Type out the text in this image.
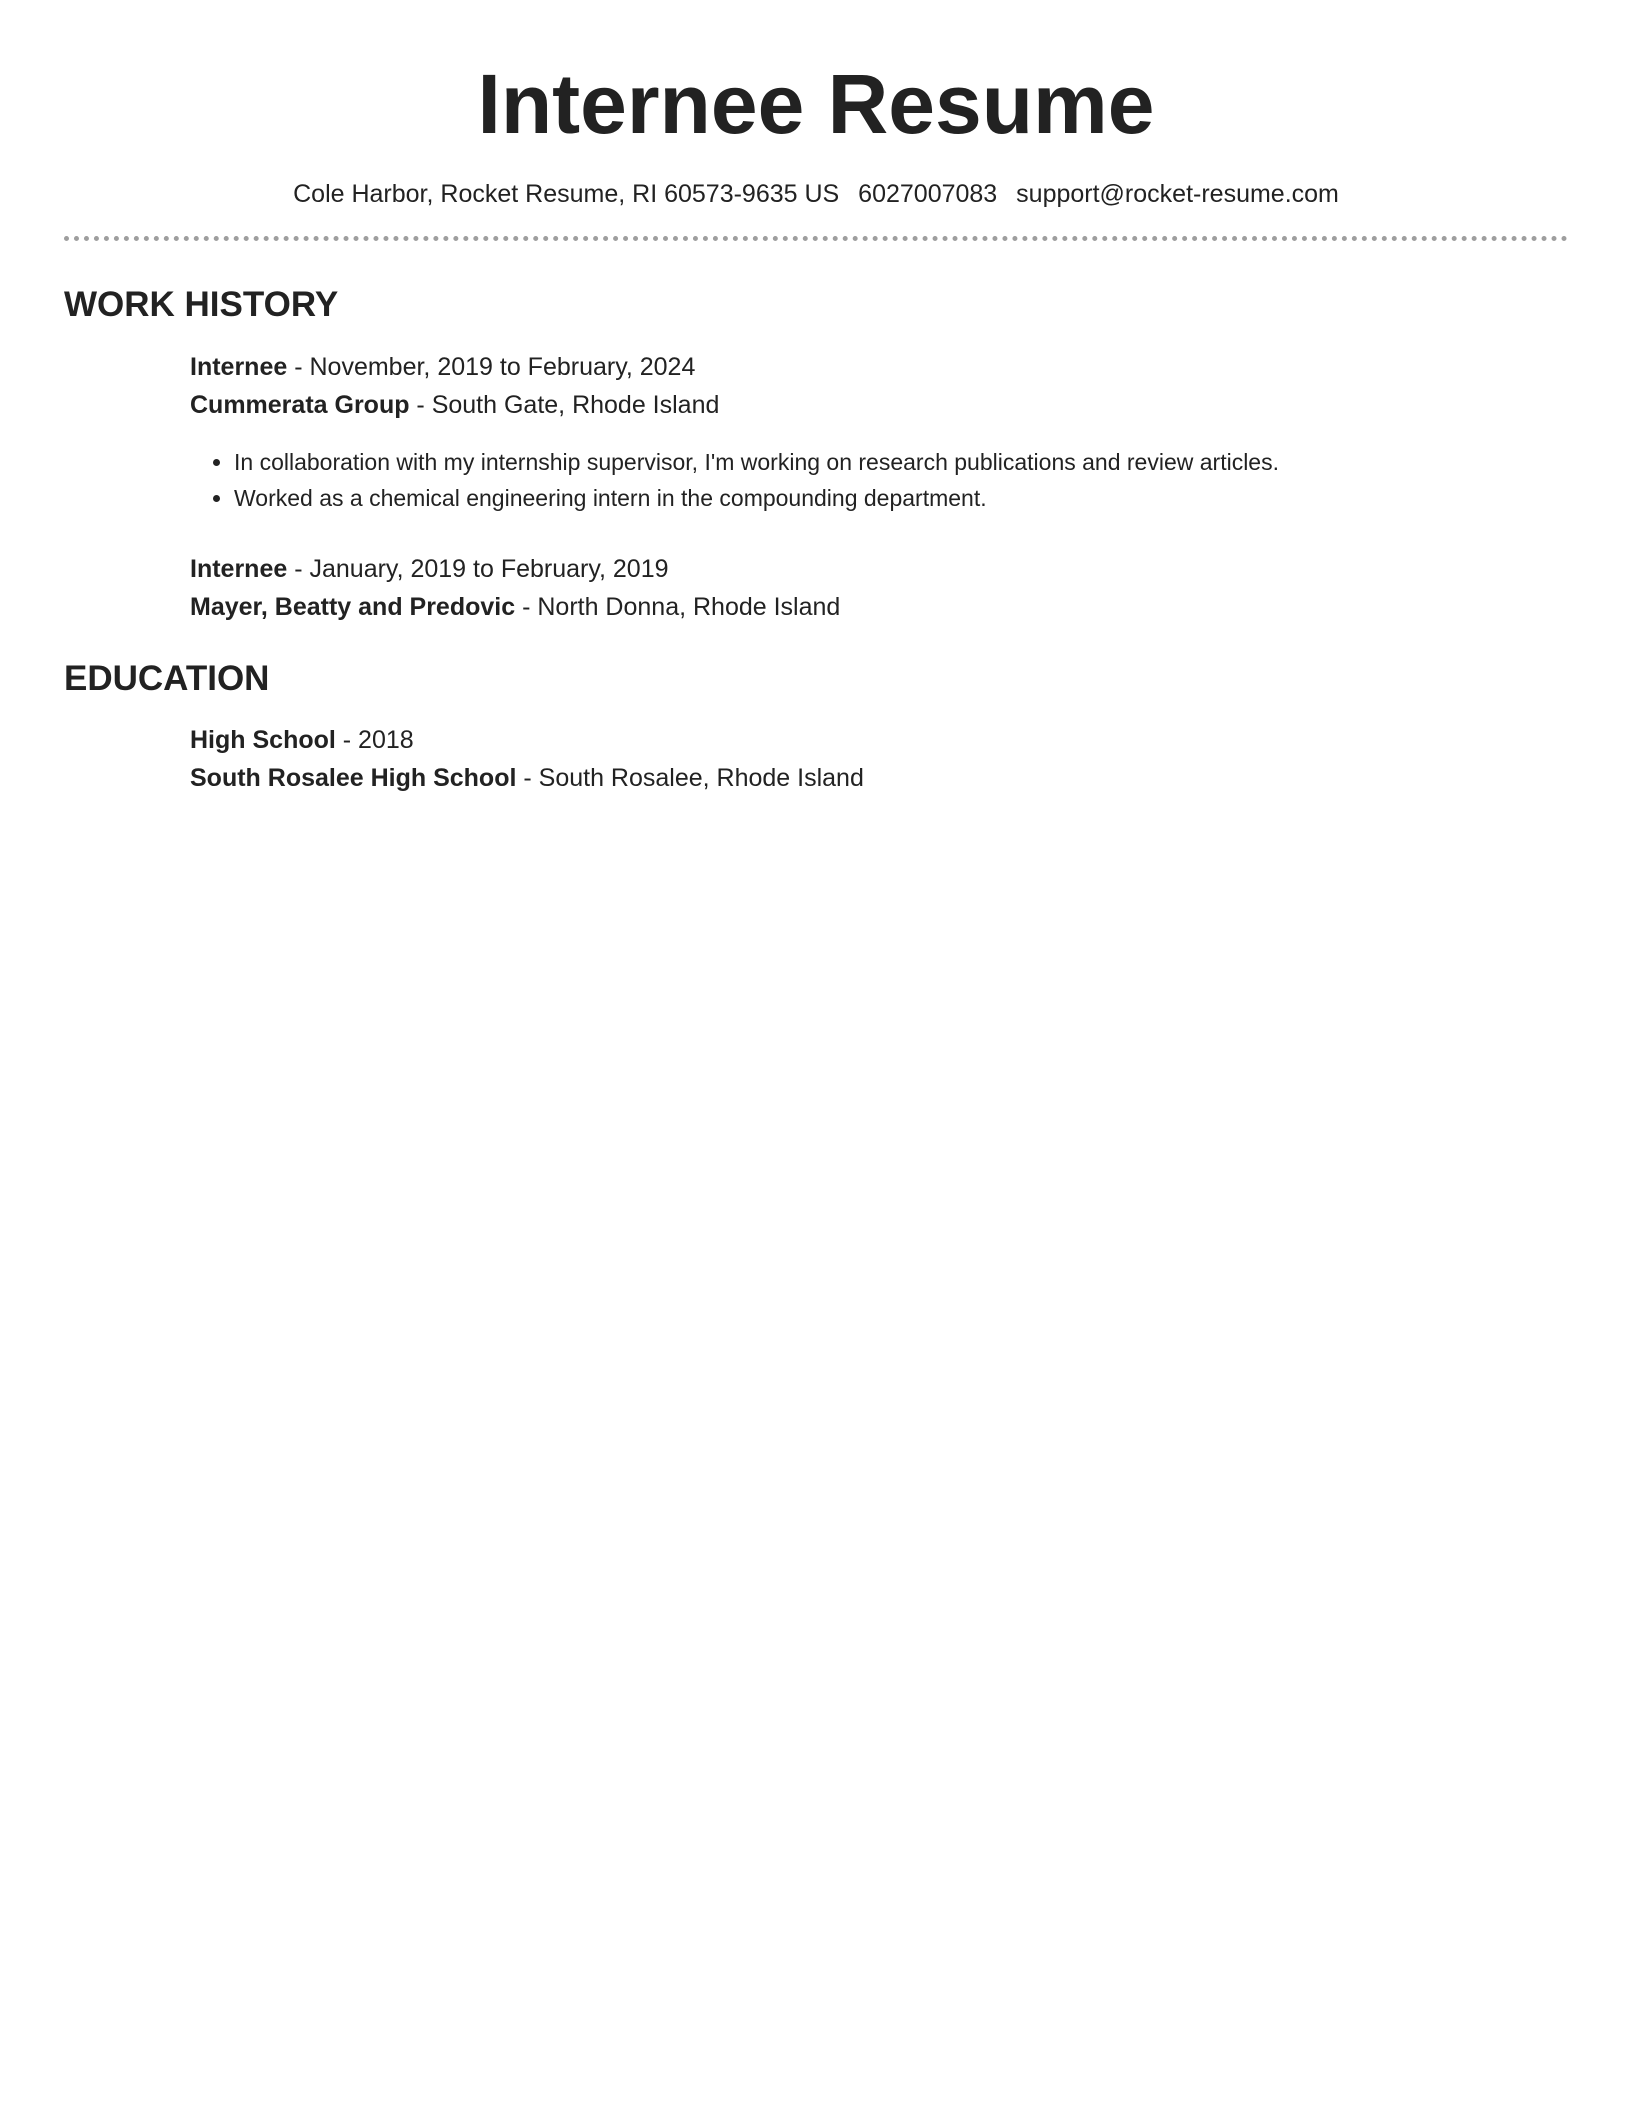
Internee Resume
Cole Harbor, Rocket Resume, RI 60573-9635 US 6027007083 support@rocket-resume.com
WORK HISTORY
Internee - November, 2019 to February, 2024
Cummerata Group - South Gate, Rhode Island
• In collaboration with my internship supervisor, I'm working on research publications and review articles.
• Worked as a chemical engineering intern in the compounding department.
Internee - January, 2019 to February, 2019
Mayer, Beatty and Predovic - North Donna, Rhode Island
EDUCATION
High School - 2018
South Rosalee High School - South Rosalee, Rhode Island
